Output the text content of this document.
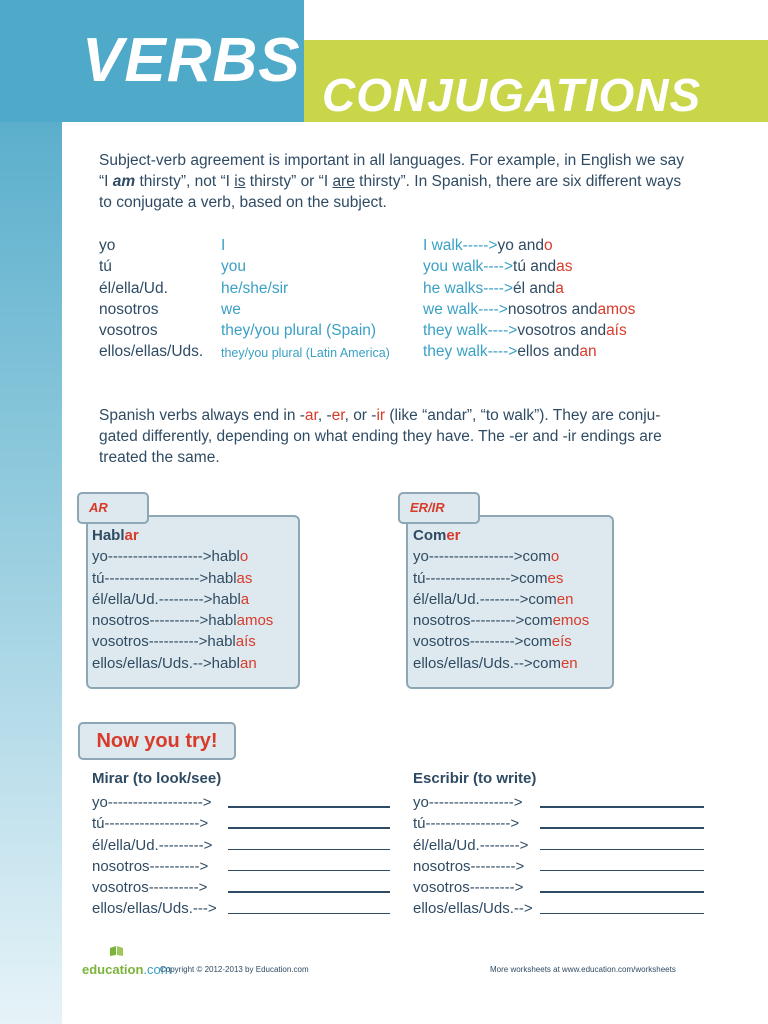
VERBS CONJUGATIONS
Subject-verb agreement is important in all languages. For example, in English we say
“I am thirsty”, not “I is thirsty” or “I are thirsty”. In Spanish, there are six different ways
to conjugate a verb, based on the subject.
yo
tú
él/ella/Ud.
nosotros
vosotros
ellos/ellas/Uds.
I
you
he/she/sir
we
they/you plural (Spain)
they/you plural (Latin America)
I walk----->yo ando
you walk---->tú andas
he walks---->él anda
we walk---->nosotros andamos
they walk---->vosotros andaís
they walk---->ellos andan
Spanish verbs always end in -ar, -er, or -ir (like “andar”, “to walk”). They are conju-
gated differently, depending on what ending they have. The -er and -ir endings are
treated the same.
AR
Hablar
yo------------------->hablo
tú------------------->hablas
él/ella/Ud.--------->habla
nosotros---------->hablamos
vosotros---------->hablaís
ellos/ellas/Uds.-->hablan
ER/IR
Comer
yo----------------->como
tú----------------->comes
él/ella/Ud.-------->comen
nosotros--------->comemos
vosotros--------->comeís
ellos/ellas/Uds.-->comen
Now you try!
Mirar (to look/see)	Escribir (to write)
yo------------------->
tú------------------->
él/ella/Ud.--------->
nosotros---------->
vosotros---------->
ellos/ellas/Uds.--->
yo----------------->
tú----------------->
él/ella/Ud.-------->
nosotros--------->
vosotros--------->
ellos/ellas/Uds.-->
education.com
Copyright © 2012-2013 by Education.com	More worksheets at www.education.com/worksheets
